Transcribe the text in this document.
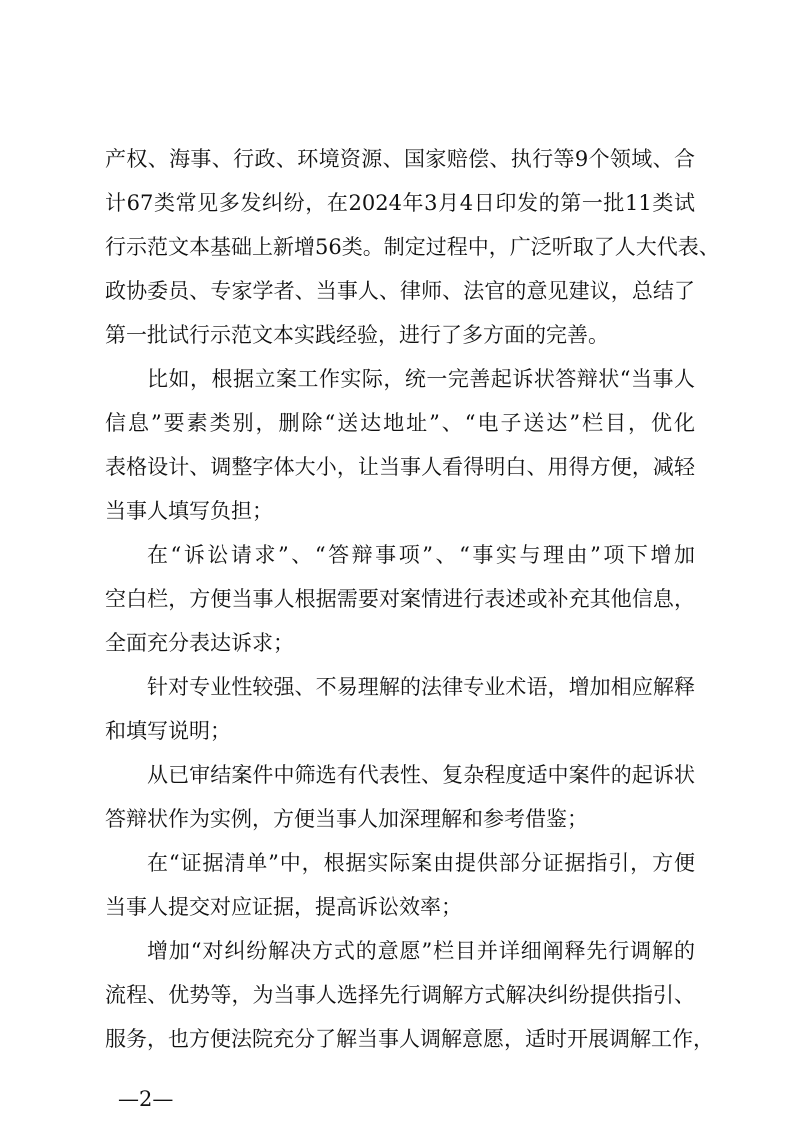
产权、海事、行政、环境资源、国家赔偿、执行等9个领域、合
计67类常见多发纠纷，在2024年3月4日印发的第一批11类试
行示范文本基础上新增56类。制定过程中，广泛听取了人大代表、
政协委员、专家学者、当事人、律师、法官的意见建议，总结了
第一批试行示范文本实践经验，进行了多方面的完善。
比如，根据立案工作实际，统一完善起诉状答辩状“当事人
信息”要素类别，删除“送达地址”、“电子送达”栏目，优化
表格设计、调整字体大小，让当事人看得明白、用得方便，减轻
当事人填写负担；
在“诉讼请求”、“答辩事项”、“事实与理由”项下增加
空白栏，方便当事人根据需要对案情进行表述或补充其他信息，
全面充分表达诉求；
针对专业性较强、不易理解的法律专业术语，增加相应解释
和填写说明；
从已审结案件中筛选有代表性、复杂程度适中案件的起诉状
答辩状作为实例，方便当事人加深理解和参考借鉴；
在“证据清单”中，根据实际案由提供部分证据指引，方便
当事人提交对应证据，提高诉讼效率；
增加“对纠纷解决方式的意愿”栏目并详细阐释先行调解的
流程、优势等，为当事人选择先行调解方式解决纠纷提供指引、
服务，也方便法院充分了解当事人调解意愿，适时开展调解工作，
—2—
